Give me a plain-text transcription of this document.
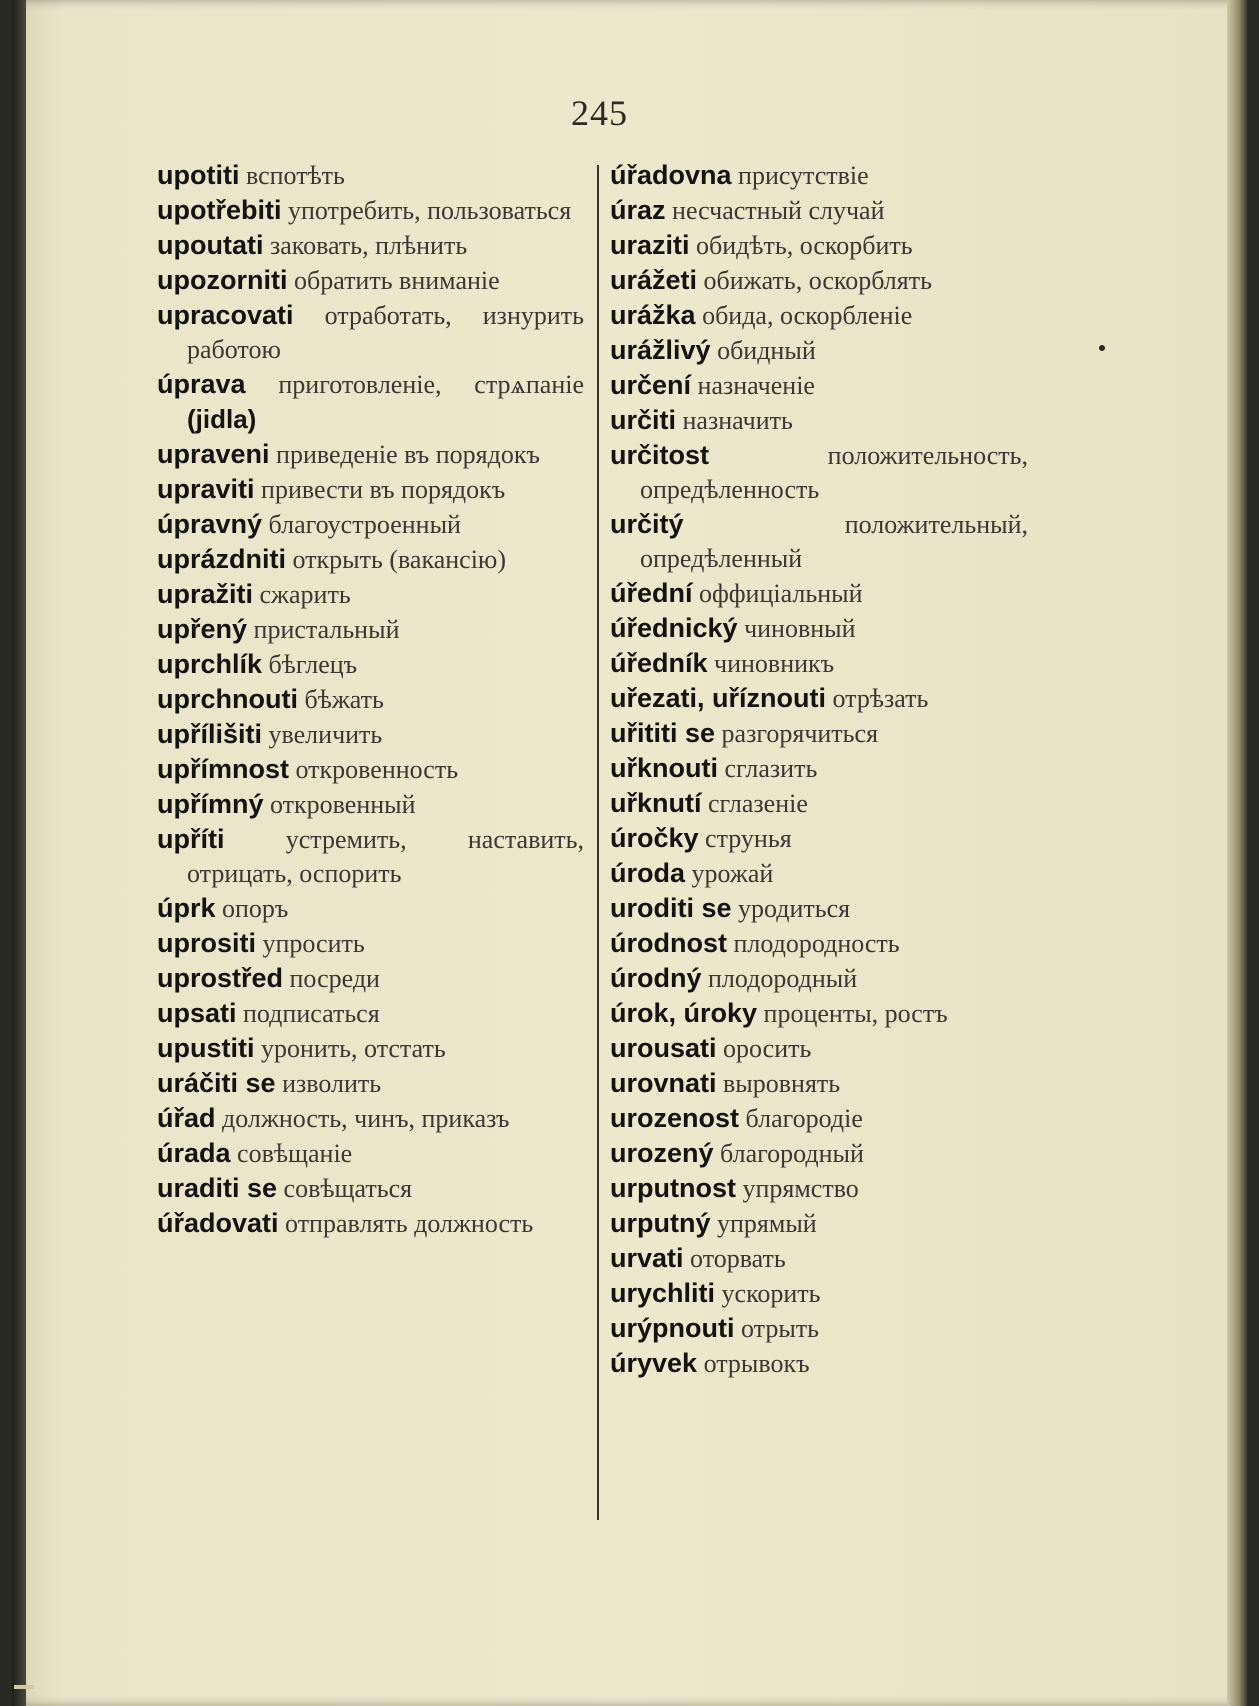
245
upotiti вспотѣть
upotřebiti употребить, пользоваться
upoutati заковать, плѣнить
upozorniti обратить вниманіе
upracovati отработать, изнурить работою
úprava приготовленіе, стрѧпаніе (jidla)
upraveni приведеніе въ порядокъ
upraviti привести въ порядокъ
úpravný благоустроенный
uprázdniti открыть (вакансію)
upražiti сжарить
upřený пристальный
uprchlík бѣглецъ
uprchnouti бѣжать
upřílišiti увеличить
upřímnost откровенность
upřímný откровенный
upříti устремить, наставить, отрицать, оспорить
úprk опоръ
uprositi упросить
uprostřed посреди
upsati подписаться
upustiti уронить, отстать
uráčiti se изволить
úřad должность, чинъ, приказъ
úrada совѣщаніе
uraditi se совѣщаться
úřadovati отправлять должность
úřadovna присутствіе
úraz несчастный случай
uraziti обидѣть, оскорбить
urážeti обижать, оскорблять
urážka обида, оскорбленіе
urážlivý обидный
určení назначеніе
určiti назначить
určitost	положительность, опредѣленность
určitý	положительный, опредѣленный
úřední оффиціальный
úřednický чиновный
úředník чиновникъ
uřezati, uříznouti отрѣзать
uřititi se разгорячиться
uřknouti сглазить
uřknutí сглазеніе
úročky струнья
úroda урожай
uroditi se уродиться
úrodnost плодородность
úrodný плодородный
úrok, úroky проценты, ростъ
urousati оросить
urovnati выровнять
urozenost благородіе
urozený благородный
urputnost упрямство
urputný упрямый
urvati оторвать
urychliti ускорить
urýpnouti отрыть
úryvek отрывокъ
